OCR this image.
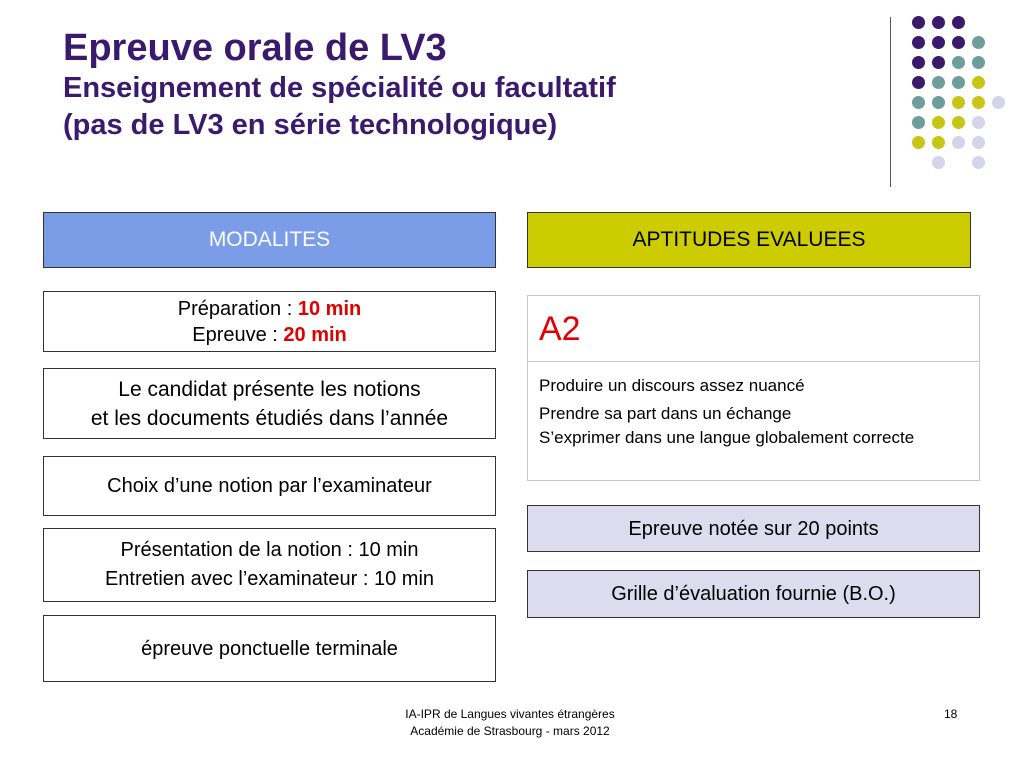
Epreuve orale de LV3

Enseignement de spécialité ou facultatif

(pas de LV3 en série technologique)

MODALITES
Préparation : 10 min
Epreuve : 20 min
Le candidat présente les notions
et les documents étudiés dans l’année
Choix d’une notion par l’examinateur
Présentation de la notion : 10 min
Entretien avec l’examinateur : 10 min
épreuve ponctuelle terminale
APTITUDES EVALUEES
A2
Produire un discours assez nuancé
Prendre sa part dans un échange
S’exprimer dans une langue globalement correcte
Epreuve notée sur 20 points
Grille d’évaluation fournie (B.O.)
IA-IPR de Langues vivantes étrangères
Académie de Strasbourg - mars 2012
18
